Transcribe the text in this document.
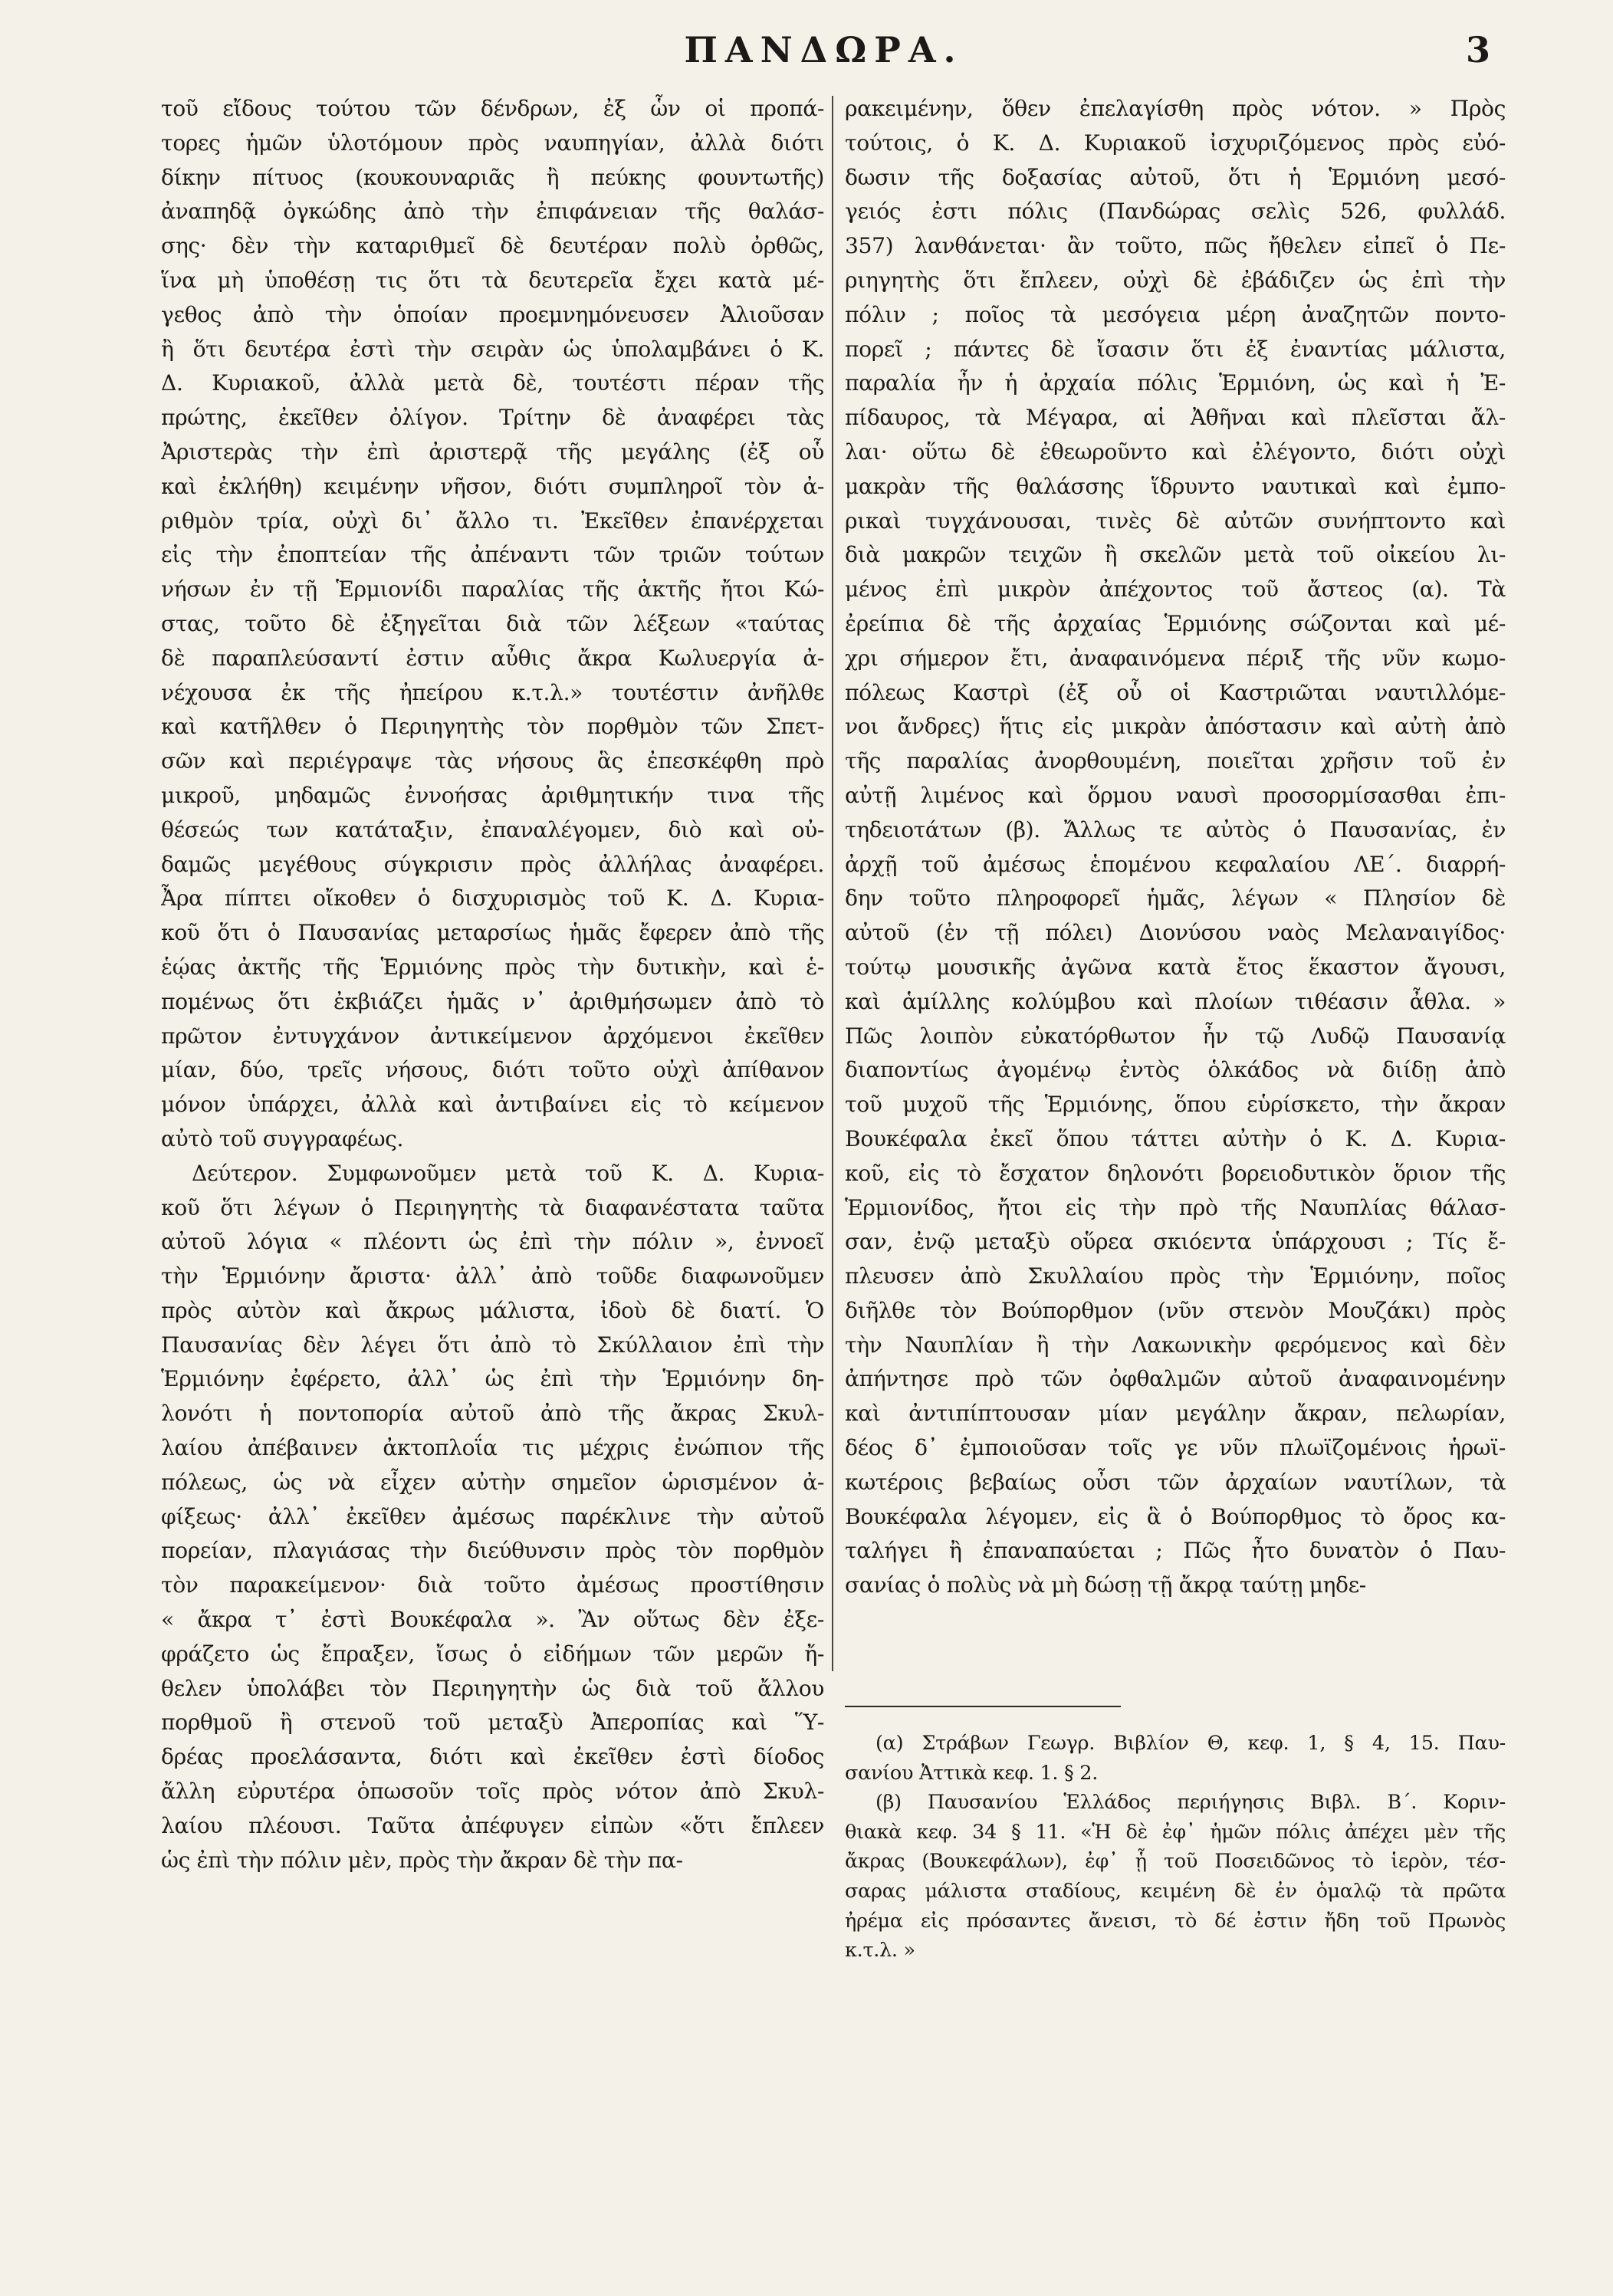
ΠΑΝΔΩΡΑ.	3
τοῦ εἴδους τούτου τῶν δένδρων, ἐξ ὧν οἱ προπά-
τορες ἡμῶν ὑλοτόμουν πρὸς ναυπηγίαν, ἀλλὰ διότι
δίκην πίτυος (κουκουναριᾶς ἢ πεύκης φουντωτῆς)
ἀναπηδᾷ ὀγκώδης ἀπὸ τὴν ἐπιφάνειαν τῆς θαλάσ-
σης· δὲν τὴν καταριθμεῖ δὲ δευτέραν πολὺ ὀρθῶς,
ἵνα μὴ ὑποθέσῃ τις ὅτι τὰ δευτερεῖα ἔχει κατὰ μέ-
γεθος ἀπὸ τὴν ὁποίαν προεμνημόνευσεν Ἀλιοῦσαν
ἢ ὅτι δευτέρα ἐστὶ τὴν σειρὰν ὡς ὑπολαμβάνει ὁ Κ.
Δ. Κυριακοῦ, ἀλλὰ μετὰ δὲ, τουτέστι πέραν τῆς
πρώτης, ἐκεῖθεν ὀλίγον. Τρίτην δὲ ἀναφέρει τὰς
Ἀριστερὰς τὴν ἐπὶ ἀριστερᾷ τῆς μεγάλης (ἐξ οὗ
καὶ ἐκλήθη) κειμένην νῆσον, διότι συμπληροῖ τὸν ἀ-
ριθμὸν τρία, οὐχὶ δι᾽ ἄλλο τι. Ἐκεῖθεν ἐπανέρχεται
εἰς τὴν ἐποπτείαν τῆς ἀπέναντι τῶν τριῶν τούτων
νήσων ἐν τῇ Ἑρμιονίδι παραλίας τῆς ἀκτῆς ἤτοι Κώ-
στας, τοῦτο δὲ ἐξηγεῖται διὰ τῶν λέξεων «ταύτας
δὲ παραπλεύσαντί ἐστιν αὖθις ἄκρα Κωλυεργία ἀ-
νέχουσα ἐκ τῆς ἠπείρου κ.τ.λ.» τουτέστιν ἀνῆλθε
καὶ κατῆλθεν ὁ Περιηγητὴς τὸν πορθμὸν τῶν Σπετ-
σῶν καὶ περιέγραψε τὰς νήσους ἃς ἐπεσκέφθη πρὸ
μικροῦ, μηδαμῶς ἐννοήσας ἀριθμητικήν τινα τῆς
θέσεώς των κατάταξιν, ἐπαναλέγομεν, διὸ καὶ οὐ-
δαμῶς μεγέθους σύγκρισιν πρὸς ἀλλήλας ἀναφέρει.
Ἆρα πίπτει οἴκοθεν ὁ δισχυρισμὸς τοῦ Κ. Δ. Κυρια-
κοῦ ὅτι ὁ Παυσανίας μεταρσίως ἡμᾶς ἔφερεν ἀπὸ τῆς
ἑῴας ἀκτῆς τῆς Ἑρμιόνης πρὸς τὴν δυτικὴν, καὶ ἑ-
πομένως ὅτι ἐκβιάζει ἡμᾶς ν᾽ ἀριθμήσωμεν ἀπὸ τὸ
πρῶτον ἐντυγχάνον ἀντικείμενον ἀρχόμενοι ἐκεῖθεν
μίαν, δύο, τρεῖς νήσους, διότι τοῦτο οὐχὶ ἀπίθανον
μόνον ὑπάρχει, ἀλλὰ καὶ ἀντιβαίνει εἰς τὸ κείμενον
αὐτὸ τοῦ συγγραφέως.
Δεύτερον. Συμφωνοῦμεν μετὰ τοῦ Κ. Δ. Κυρια-
κοῦ ὅτι λέγων ὁ Περιηγητὴς τὰ διαφανέστατα ταῦτα
αὐτοῦ λόγια « πλέοντι ὡς ἐπὶ τὴν πόλιν », ἐννοεῖ
τὴν Ἑρμιόνην ἄριστα· ἀλλ᾽ ἀπὸ τοῦδε διαφωνοῦμεν
πρὸς αὐτὸν καὶ ἄκρως μάλιστα, ἰδοὺ δὲ διατί. Ὁ
Παυσανίας δὲν λέγει ὅτι ἀπὸ τὸ Σκύλλαιον ἐπὶ τὴν
Ἑρμιόνην ἐφέρετο, ἀλλ᾽ ὡς ἐπὶ τὴν Ἑρμιόνην δη-
λονότι ἡ ποντοπορία αὐτοῦ ἀπὸ τῆς ἄκρας Σκυλ-
λαίου ἀπέβαινεν ἀκτοπλοΐα τις μέχρις ἐνώπιον τῆς
πόλεως, ὡς νὰ εἶχεν αὐτὴν σημεῖον ὡρισμένον ἀ-
φίξεως· ἀλλ᾽ ἐκεῖθεν ἀμέσως παρέκλινε τὴν αὐτοῦ
πορείαν, πλαγιάσας τὴν διεύθυνσιν πρὸς τὸν πορθμὸν
τὸν παρακείμενον· διὰ τοῦτο ἀμέσως προστίθησιν
« ἄκρα τ᾽ ἐστὶ Βουκέφαλα ». Ἂν οὕτως δὲν ἐξε-
φράζετο ὡς ἔπραξεν, ἴσως ὁ εἰδήμων τῶν μερῶν ἤ-
θελεν ὑπολάβει τὸν Περιηγητὴν ὡς διὰ τοῦ ἄλλου
πορθμοῦ ἢ στενοῦ τοῦ μεταξὺ Ἀπεροπίας καὶ Ὕ-
δρέας προελάσαντα, διότι καὶ ἐκεῖθεν ἐστὶ δίοδος
ἄλλη εὐρυτέρα ὁπωσοῦν τοῖς πρὸς νότον ἀπὸ Σκυλ-
λαίου πλέουσι. Ταῦτα ἀπέφυγεν εἰπὼν «ὅτι ἔπλεεν
ὡς ἐπὶ τὴν πόλιν μὲν, πρὸς τὴν ἄκραν δὲ τὴν πα-
ρακειμένην, ὅθεν ἐπελαγίσθη πρὸς νότον. » Πρὸς
τούτοις, ὁ Κ. Δ. Κυριακοῦ ἰσχυριζόμενος πρὸς εὐό-
δωσιν τῆς δοξασίας αὐτοῦ, ὅτι ἡ Ἑρμιόνη μεσό-
γειός ἐστι πόλις (Πανδώρας σελὶς 526, φυλλάδ.
357) λανθάνεται· ἂν τοῦτο, πῶς ἤθελεν εἰπεῖ ὁ Πε-
ριηγητὴς ὅτι ἔπλεεν, οὐχὶ δὲ ἐβάδιζεν ὡς ἐπὶ τὴν
πόλιν ; ποῖος τὰ μεσόγεια μέρη ἀναζητῶν ποντο-
πορεῖ ; πάντες δὲ ἴσασιν ὅτι ἐξ ἐναντίας μάλιστα,
παραλία ἦν ἡ ἀρχαία πόλις Ἑρμιόνη, ὡς καὶ ἡ Ἐ-
πίδαυρος, τὰ Μέγαρα, αἱ Ἀθῆναι καὶ πλεῖσται ἄλ-
λαι· οὕτω δὲ ἐθεωροῦντο καὶ ἐλέγοντο, διότι οὐχὶ
μακρὰν τῆς θαλάσσης ἵδρυντο ναυτικαὶ καὶ ἐμπο-
ρικαὶ τυγχάνουσαι, τινὲς δὲ αὐτῶν συνήπτοντο καὶ
διὰ μακρῶν τειχῶν ἢ σκελῶν μετὰ τοῦ οἰκείου λι-
μένος ἐπὶ μικρὸν ἀπέχοντος τοῦ ἄστεος (α). Τὰ
ἐρείπια δὲ τῆς ἀρχαίας Ἑρμιόνης σώζονται καὶ μέ-
χρι σήμερον ἔτι, ἀναφαινόμενα πέριξ τῆς νῦν κωμο-
πόλεως Καστρὶ (ἐξ οὗ οἱ Καστριῶται ναυτιλλόμε-
νοι ἄνδρες) ἥτις εἰς μικρὰν ἀπόστασιν καὶ αὐτὴ ἀπὸ
τῆς παραλίας ἀνορθουμένη, ποιεῖται χρῆσιν τοῦ ἐν
αὐτῇ λιμένος καὶ ὅρμου ναυσὶ προσορμίσασθαι ἐπι-
τηδειοτάτων (β). Ἄλλως τε αὐτὸς ὁ Παυσανίας, ἐν
ἀρχῇ τοῦ ἀμέσως ἑπομένου κεφαλαίου ΛΕ΄. διαρρή-
δην τοῦτο πληροφορεῖ ἡμᾶς, λέγων « Πλησίον δὲ
αὐτοῦ (ἐν τῇ πόλει) Διονύσου ναὸς Μελαναιγίδος·
τούτῳ μουσικῆς ἀγῶνα κατὰ ἔτος ἕκαστον ἄγουσι,
καὶ ἁμίλλης κολύμβου καὶ πλοίων τιθέασιν ἆθλα. »
Πῶς λοιπὸν εὐκατόρθωτον ἦν τῷ Λυδῷ Παυσανίᾳ
διαποντίως ἀγομένῳ ἐντὸς ὁλκάδος νὰ διίδῃ ἀπὸ
τοῦ μυχοῦ τῆς Ἑρμιόνης, ὅπου εὑρίσκετο, τὴν ἄκραν
Βουκέφαλα ἐκεῖ ὅπου τάττει αὐτὴν ὁ Κ. Δ. Κυρια-
κοῦ, εἰς τὸ ἔσχατον δηλονότι βορειοδυτικὸν ὅριον τῆς
Ἑρμιονίδος, ἤτοι εἰς τὴν πρὸ τῆς Ναυπλίας θάλασ-
σαν, ἐνῷ μεταξὺ οὕρεα σκιόεντα ὑπάρχουσι ; Τίς ἔ-
πλευσεν ἀπὸ Σκυλλαίου πρὸς τὴν Ἑρμιόνην, ποῖος
διῆλθε τὸν Βούπορθμον (νῦν στενὸν Μουζάκι) πρὸς
τὴν Ναυπλίαν ἢ τὴν Λακωνικὴν φερόμενος καὶ δὲν
ἀπήντησε πρὸ τῶν ὀφθαλμῶν αὐτοῦ ἀναφαινομένην
καὶ ἀντιπίπτουσαν μίαν μεγάλην ἄκραν, πελωρίαν,
δέος δ᾽ ἐμποιοῦσαν τοῖς γε νῦν πλωϊζομένοις ἡρωϊ-
κωτέροις βεβαίως οὖσι τῶν ἀρχαίων ναυτίλων, τὰ
Βουκέφαλα λέγομεν, εἰς ἃ ὁ Βούπορθμος τὸ ὄρος κα-
ταλήγει ἢ ἐπαναπαύεται ; Πῶς ἦτο δυνατὸν ὁ Παυ-
σανίας ὁ πολὺς νὰ μὴ δώσῃ τῇ ἄκρᾳ ταύτῃ μηδε-
(α) Στράβων Γεωγρ. Βιβλίον Θ, κεφ. 1, § 4, 15. Παυ-
σανίου Ἀττικὰ κεφ. 1. § 2.
(β) Παυσανίου Ἑλλάδος περιήγησις Βιβλ. Β΄. Κοριν-
θιακὰ κεφ. 34 § 11. «Ἡ δὲ ἐφ᾽ ἡμῶν πόλις ἀπέχει μὲν τῆς
ἄκρας (Βουκεφάλων), ἐφ᾽ ᾗ τοῦ Ποσειδῶνος τὸ ἱερὸν, τέσ-
σαρας μάλιστα σταδίους, κειμένη δὲ ἐν ὁμαλῷ τὰ πρῶτα
ἠρέμα εἰς πρόσαντες ἄνεισι, τὸ δέ ἐστιν ἤδη τοῦ Πρωνὸς
κ.τ.λ. »
